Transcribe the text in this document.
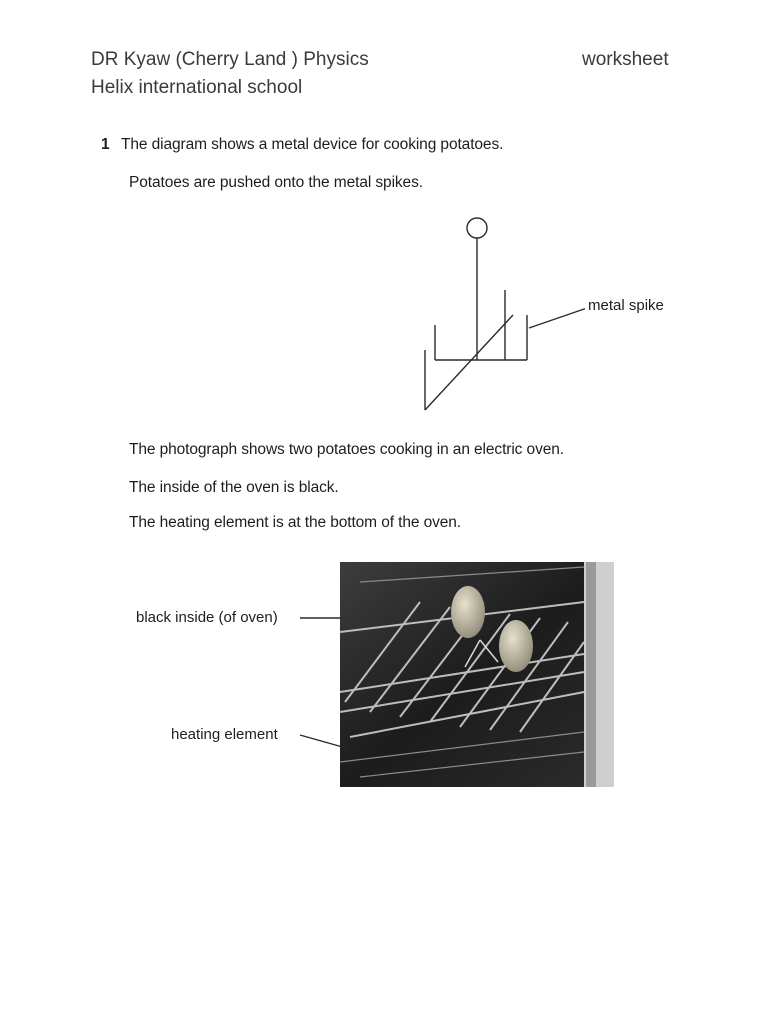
DR Kyaw (Cherry Land ) Physics	worksheet
Helix international school
1 The diagram shows a metal device for cooking potatoes.
Potatoes are pushed onto the metal spikes.
metal spike
The photograph shows two potatoes cooking in an electric oven.
The inside of the oven is black.
The heating element is at the bottom of the oven.
black inside (of oven)
heating element
